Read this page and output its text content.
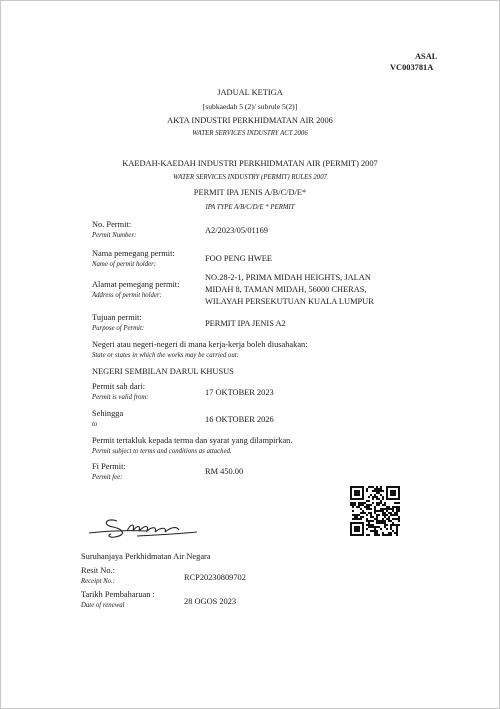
ASAL
VC003781A
JADUAL KETIGA
[subkaedah 5 (2)/ subrule 5(2)]
AKTA INDUSTRI PERKHIDMATAN AIR 2006
WATER SERVICES INDUSTRY ACT 2006
KAEDAH-KAEDAH INDUSTRI PERKHIDMATAN AIR (PERMIT) 2007
WATER SERVICES INDUSTRY (PERMIT) RULES 2007
PERMIT IPA JENIS A/B/C/D/E*
IPA TYPE A/B/C/D/E * PERMIT
No. Permit:
Permit Number:
A2/2023/05/01169
Nama pemegang permit:
Name of permit holder:
FOO PENG HWEE
Alamat pemegang permit:
Address of permit holder:
NO.28-2-1, PRIMA MIDAH HEIGHTS, JALAN
MIDAH 8, TAMAN MIDAH, 56000 CHERAS,
WILAYAH PERSEKUTUAN KUALA LUMPUR
Tujuan permit:
Purpose of Permit:
PERMIT IPA JENIS A2
Negeri atau negeri-negeri di mana kerja-kerja boleh diusahakan:
State or states in which the works may be carried out:
NEGERI SEMBILAN DARUL KHUSUS
Permit sah dari:
Permit is valid from:
17 OKTOBER 2023
Sehingga
to
16 OKTOBER 2026
Permit tertakluk kepada terma dan syarat yang dilampirkan.
Permit subject to terms and conditions as attached.
Fi Permit:
Permit fee:
RM 450.00
Suruhanjaya Perkhidmatan Air Negara
Resit No.:
Receipt No.:	RCP20230809702
Tarikh Pembaharuan :
Date of renewal	28 OGOS 2023
